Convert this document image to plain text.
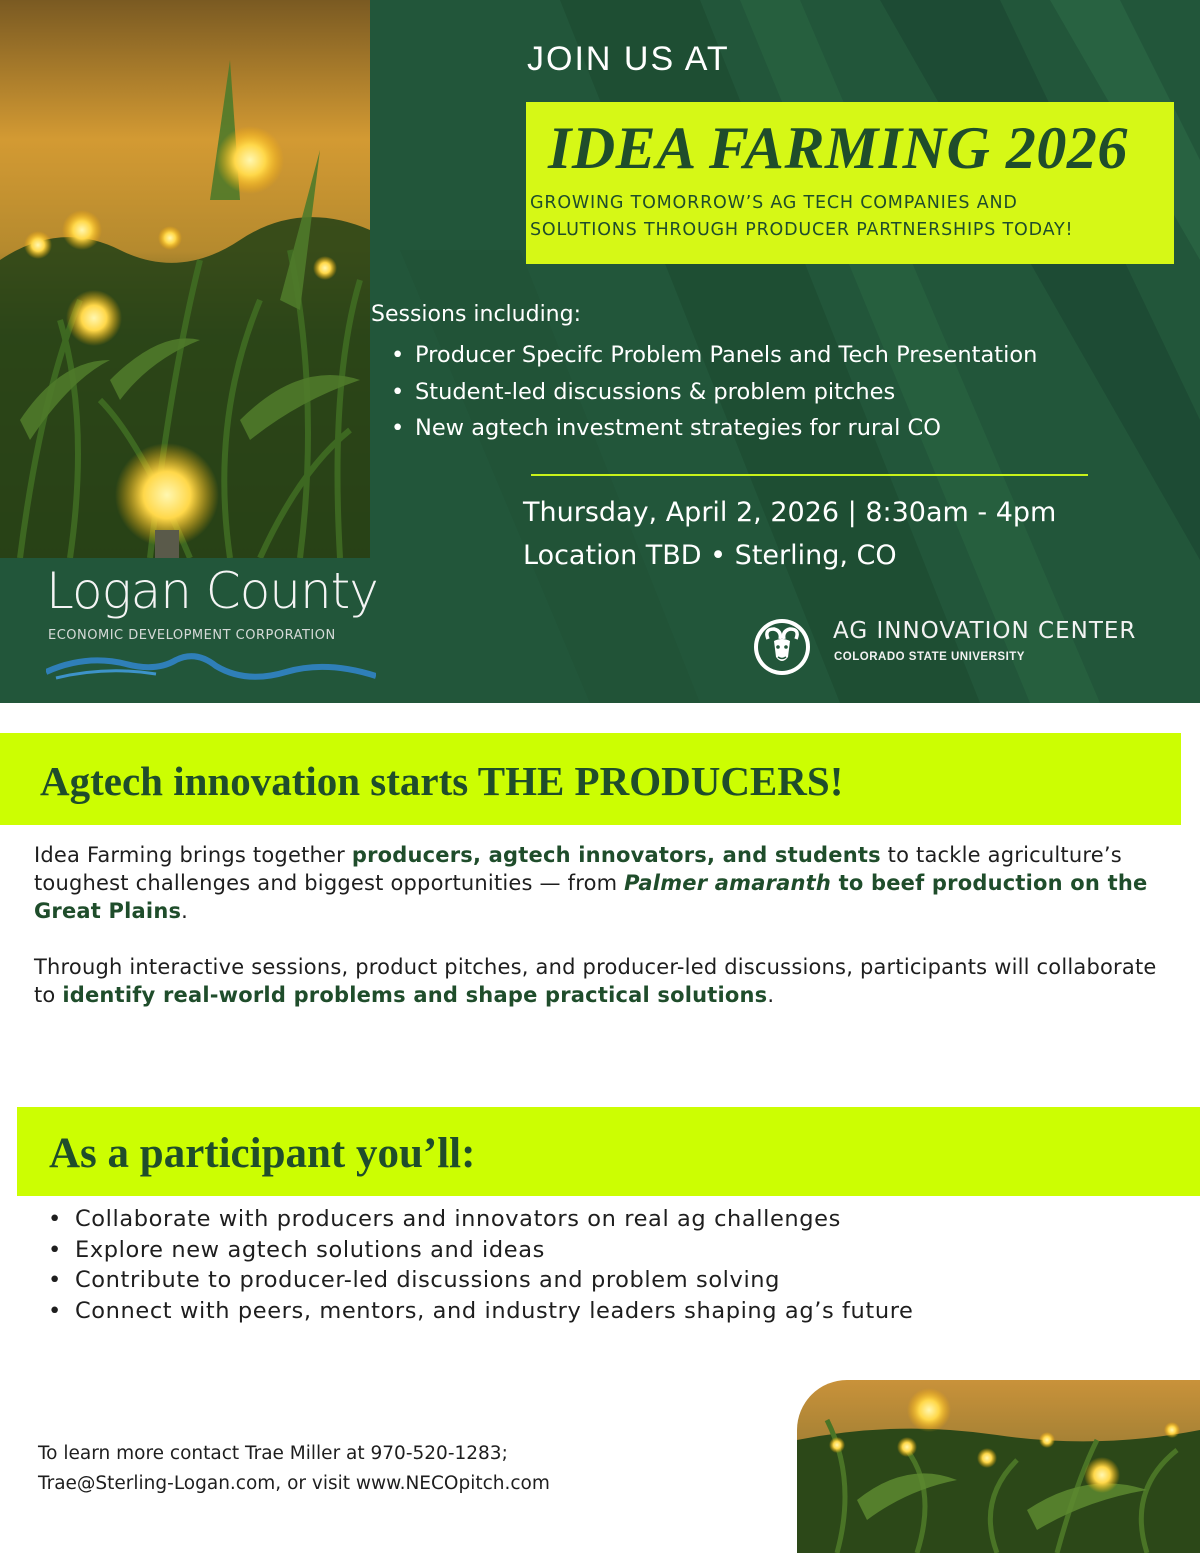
Logan County
ECONOMIC DEVELOPMENT CORPORATION
JOIN US AT
IDEA FARMING 2026
GROWING TOMORROW’S AG TECH COMPANIES AND
SOLUTIONS THROUGH PRODUCER PARTNERSHIPS TODAY!
Sessions including:
• Producer Specifc Problem Panels and Tech Presentation
• Student-led discussions & problem pitches
• New agtech investment strategies for rural CO
Thursday, April 2, 2026 | 8:30am - 4pm
Location TBD • Sterling, CO
AG INNOVATION CENTER
COLORADO STATE UNIVERSITY
Agtech innovation starts THE PRODUCERS!

Idea Farming brings together producers, agtech innovators, and students to tackle agriculture’s toughest challenges and biggest opportunities — from Palmer amaranth to beef production on the Great Plains.

Through interactive sessions, product pitches, and producer-led discussions, participants will collaborate to identify real-world problems and shape practical solutions.

As a participant you’ll:
• Collaborate with producers and innovators on real ag challenges
• Explore new agtech solutions and ideas
• Contribute to producer-led discussions and problem solving
• Connect with peers, mentors, and industry leaders shaping ag’s future
To learn more contact Trae Miller at 970-520-1283;
Trae@Sterling-Logan.com, or visit www.NECOpitch.com
